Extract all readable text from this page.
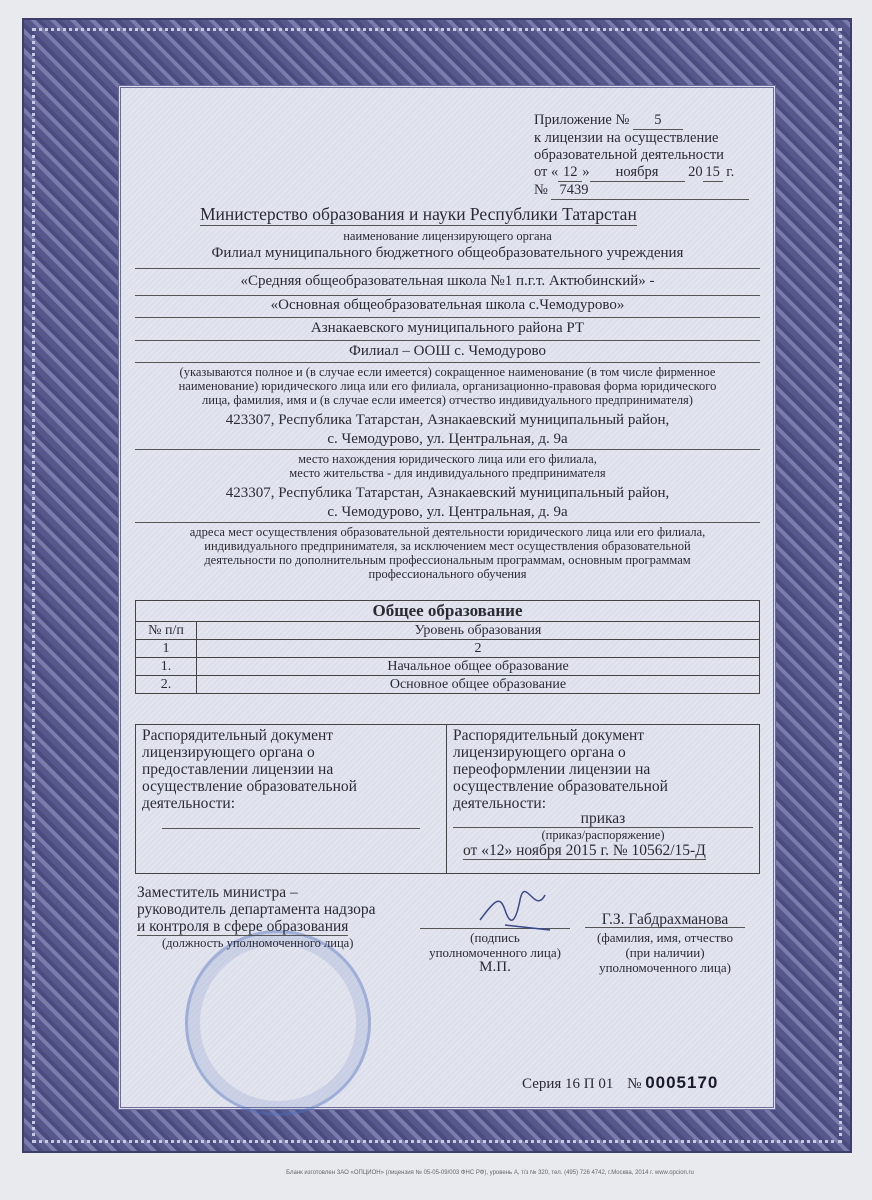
Приложение № 5
к лицензии на осуществление
образовательной деятельности
от « 12 » ноября 20 15 г.
№ 7439
Министерство образования и науки Республики Татарстан
наименование лицензирующего органа
Филиал муниципального бюджетного общеобразовательного учреждения
«Средняя общеобразовательная школа №1 п.г.т. Актюбинский» -
«Основная общеобразовательная школа с.Чемодурово»
Азнакаевского муниципального района РТ
Филиал – ООШ с. Чемодурово
(указываются полное и (в случае если имеется) сокращенное наименование (в том числе фирменное
наименование) юридического лица или его филиала, организационно-правовая форма юридического
лица, фамилия, имя и (в случае если имеется) отчество индивидуального предпринимателя)
423307, Республика Татарстан, Азнакаевский муниципальный район,
с. Чемодурово, ул. Центральная, д. 9а
место нахождения юридического лица или его филиала,
место жительства - для индивидуального предпринимателя
423307, Республика Татарстан, Азнакаевский муниципальный район,
с. Чемодурово, ул. Центральная, д. 9а
адреса мест осуществления образовательной деятельности юридического лица или его филиала,
индивидуального предпринимателя, за исключением мест осуществления образовательной
деятельности по дополнительным профессиональным программам, основным программам
профессионального обучения
Общее образование	
№ п/п	Уровень образования
1	2
1.	Начальное общее образование
2.	Основное общее образование
Распорядительный документ
лицензирующего органа о
предоставлении лицензии на
осуществление образовательной
деятельности:
Распорядительный документ
лицензирующего органа о
переоформлении лицензии на
осуществление образовательной
деятельности:
приказ
(приказ/распоряжение)
от «12» ноября 2015 г. № 10562/15-Д
Заместитель министра –
руководитель департамента надзора
и контроля в сфере образования
(должность уполномоченного лица)	(подпись
уполномоченного лица)
М.П.
Г.З. Габдрахманова
(фамилия, имя, отчество
(при наличии)
уполномоченного лица)
Серия 16 П 01 № 0005170
Бланк изготовлен ЗАО «ОПЦИОН» (лицензия № 05-05-09/003 ФНС РФ), уровень А, т/з № 320, тел. (495) 726 4742, г.Москва, 2014 г. www.opcion.ru
